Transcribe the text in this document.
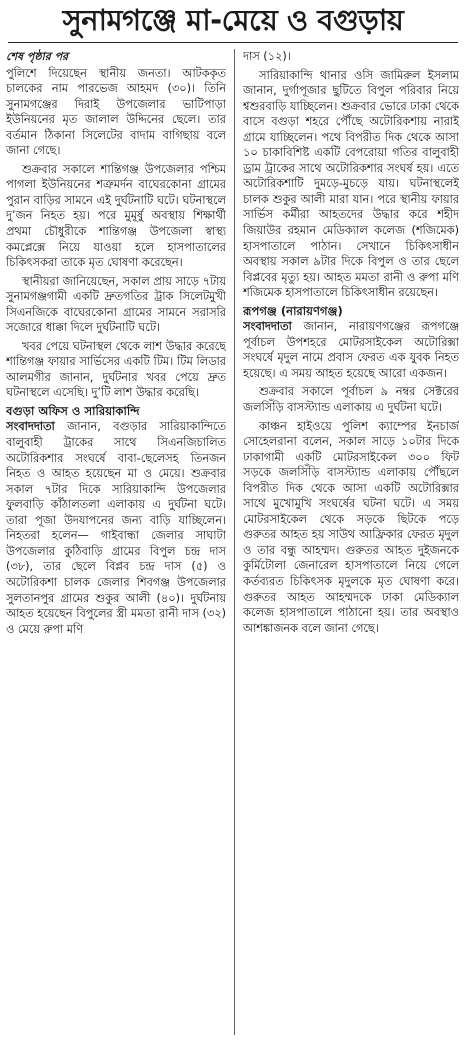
সুনামগঞ্জে মা-মেয়ে ও বগুড়ায়
শেষ পৃষ্ঠার পর

পুলিশে দিয়েছেন স্থানীয় জনতা। আটককৃত চালকের নাম পারভেজ আহমদ (৩০)। তিনি সুনামগঞ্জের দিরাই উপজেলার ভাটিপাড়া ইউনিয়নের মৃত জালাল উদ্দিনের ছেলে। তার বর্তমান ঠিকানা সিলেটের বাদাম বাগিছায় বলে জানা গেছে।

শুক্রবার সকালে শান্তিগঞ্জ উপজেলার পশ্চিম পাগলা ইউনিয়নের শত্রুমর্দন বাঘেরকোনা গ্রামের পুরান বাড়ির সামনে এই দুর্ঘটনাটি ঘটে। ঘটনাস্থলে দু’জন নিহত হয়। পরে মুমূর্ষু অবস্থায় শিক্ষার্থী প্রথমা চৌধুরীকে শান্তিগঞ্জ উপজেলা স্বাস্থ্য কমপ্লেক্সে নিয়ে যাওয়া হলে হাসপাতালের চিকিৎসকরা তাকে মৃত ঘোষণা করেছেন।

স্থানীয়রা জানিয়েছেন, সকাল প্রায় সাড়ে ৭টায় সুনামগঞ্জগামী একটি দ্রুতগতির ট্রাক সিলেটমুখী সিএনজিকে বাঘেরকোনা গ্রামের সামনে সরাসরি সজোরে ধাক্কা দিলে দুর্ঘটনাটি ঘটে।

খবর পেয়ে ঘটনাস্থল থেকে লাশ উদ্ধার করেছে শান্তিগঞ্জ ফায়ার সার্ভিসের একটি টিম। টিম লিডার আলমগীর জানান, দুর্ঘটনার খবর পেয়ে দ্রুত ঘটনাস্থলে এসেছি। দু’টি লাশ উদ্ধার করেছি।

বগুড়া অফিস ও সারিয়াকান্দি

সংবাদদাতা জানান, বগুড়ার সারিয়াকান্দিতে বালুবাহী ট্রাকের সাথে সিএনজিচালিত অটোরিকশার সংঘর্ষে বাবা-ছেলেসহ তিনজন নিহত ও আহত হয়েছেন মা ও মেয়ে। শুক্রবার সকাল ৭টার দিকে সারিয়াকান্দি উপজেলার ফুলবাড়ি কাঁঠালতলা এলাকায় এ দুর্ঘটনা ঘটে। তারা পূজা উদযাপনের জন্য বাড়ি যাচ্ছিলেন। নিহতরা হলেন— গাইবান্ধা জেলার সাঘাটা উপজেলার কুঠিবাড়ি গ্রামের বিপুল চন্দ্র দাস (৩৮), তার ছেলে বিপ্লব চন্দ্র দাস (৫) ও অটোরিকশা চালক জেলার শিবগঞ্জ উপজেলার সুলতানপুর গ্রামের শুকুর আলী (৪০)। দুর্ঘটনায় আহত হয়েছেন বিপুলের স্ত্রী মমতা রানী দাস (৩২) ও মেয়ে রুপা মণি

দাস (১২)।

সারিয়াকান্দি থানার ওসি জামিরুল ইসলাম জানান, দুর্গাপূজার ছুটিতে বিপুল পরিবার নিয়ে শ্বশুরবাড়ি যাচ্ছিলেন। শুক্রবার ভোরে ঢাকা থেকে বাসে বগুড়া শহরে পৌঁছে অটোরিকশায় নারাই গ্রামে যাচ্ছিলেন। পথে বিপরীত দিক থেকে আসা ১০ চাকাবিশিষ্ট একটি বেপরোয়া গতির বালুবাহী ড্রাম ট্রাকের সাথে অটোরিকশার সংঘর্ষ হয়। এতে অটোরিকশাটি দুমড়ে-মুচড়ে যায়। ঘটনাস্থলেই চালক শুকুর আলী মারা যান। পরে স্থানীয় ফায়ার সার্ভিস কর্মীরা আহতদের উদ্ধার করে শহীদ জিয়াউর রহমান মেডিক্যাল কলেজ (শজিমেক) হাসপাতালে পাঠান। সেখানে চিকিৎসাধীন অবস্থায় সকাল ৯টার দিকে বিপুল ও তার ছেলে বিপ্লবের মৃত্যু হয়। আহত মমতা রানী ও রুপা মণি শজিমেক হাসপাতালে চিকিৎসাধীন রয়েছেন।

রূপগঞ্জ (নারায়ণগঞ্জ)

সংবাদদাতা জানান, নারায়ণগঞ্জের রূপগঞ্জে পূর্বাচল উপশহরে মোটরসাইকেল অটোরিক্সা সংঘর্ষে মৃদুল নামে প্রবাস ফেরত এক যুবক নিহত হয়েছে। এ সময় আহত হয়েছে আরো একজন।

শুক্রবার সকালে পূর্বাচল ৯ নম্বর সেক্টরের জলসিঁড়ি বাসস্ট্যান্ড এলাকায় এ দুর্ঘটনা ঘটে।

কাঞ্চন হাইওয়ে পুলিশ ক্যাম্পের ইনচার্জ সোহেলরানা বলেন, সকাল সাড়ে ১০টার দিকে ঢাকাগামী একটি মোটরসাইকেল ৩০০ ফিট সড়কে জলসিঁড়ি বাসস্ট্যান্ড এলাকায় পৌঁছলে বিপরীত দিক থেকে আসা একটি অটোরিক্সার সাথে মুখোমুখি সংঘর্ষের ঘটনা ঘটে। এ সময় মোটরসাইকেল থেকে সড়কে ছিটকে পড়ে গুরুতর আহত হয় সাউথ আফ্রিকার ফেরত মৃদুল ও তার বন্ধু আহম্মদ। গুরুতর আহত দুইজনকে কুর্মিটোলা জেনারেল হাসপাতালে নিয়ে গেলে কর্তব্যরত চিকিৎসক মৃদুলকে মৃত ঘোষণা করে। গুরুতর আহত আহম্মদকে ঢাকা মেডিক্যাল কলেজ হাসপাতালে পাঠানো হয়। তার অবস্থাও আশঙ্কাজনক বলে জানা গেছে।
